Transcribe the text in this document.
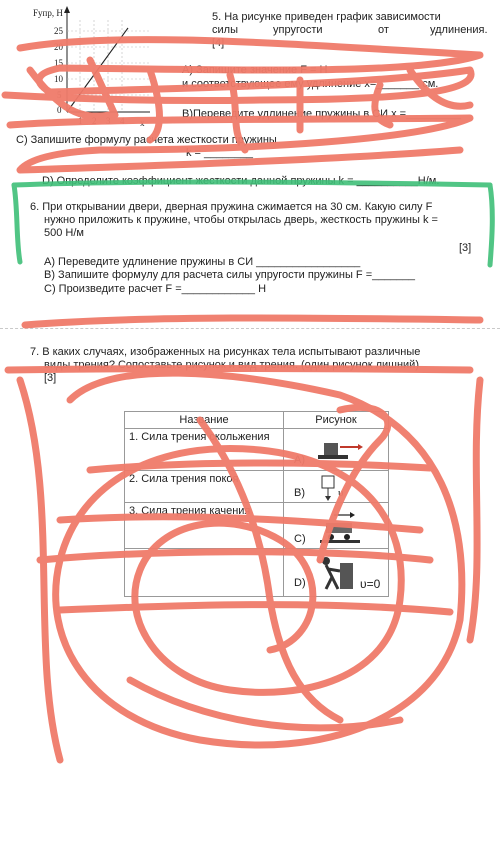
Fупр, Н
25
20
15
10
5
0
1 2 3 4 x
5. На рисунке приведен график зависимости
силы	упругости	от	удлинения.
[4]
А) Запишите значение F = Н
и соответствующее ему удлинение x=_______ см.
В)Переведите удлинение пружины в СИ x =_________
С) Запишите формулу расчета жесткости пружины
k = ________
D) Определите коэффициент жесткости данной пружины k = __________Н/м.
6. При открывании двери, дверная пружина сжимается на 30 см. Какую силу F
нужно приложить к пружине, чтобы открылась дверь, жесткость пружины k =
500 Н/м
[3]
А) Переведите удлинение пружины в СИ _________________
В) Запишите формулу для расчета силы упругости пружины F =_______
С) Произведите расчет F =____________ Н
7. В каких случаях, изображенных на рисунках тела испытывают различные
виды трения? Сопоставьте рисунок и вид трения. (один рисунок лишний)
[3]
Название	Рисунок
1. Сила трения скольжения	А)

2. Сила трения покоя	В) υ

3. Сила трения качения	С)

	D) υ=0
